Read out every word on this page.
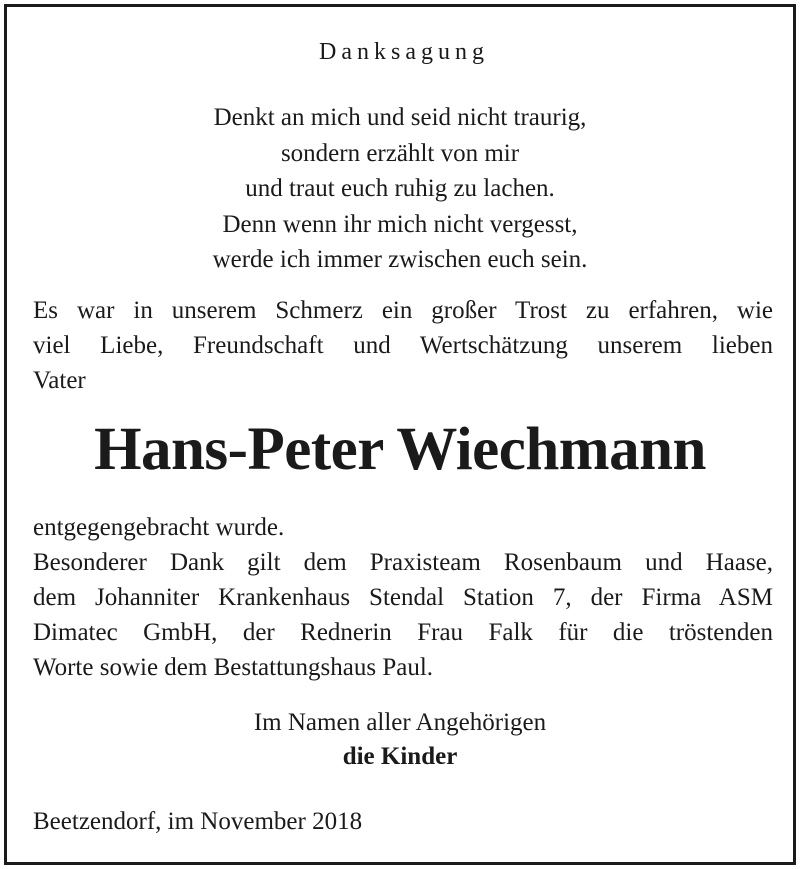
Danksagung
Denkt an mich und seid nicht traurig,
sondern erzählt von mir
und traut euch ruhig zu lachen.
Denn wenn ihr mich nicht vergesst,
werde ich immer zwischen euch sein.
Es war in unserem Schmerz ein großer Trost zu erfahren, wie
viel Liebe, Freundschaft und Wertschätzung unserem lieben
Vater
Hans-Peter Wiechmann
entgegengebracht wurde.
Besonderer Dank gilt dem Praxisteam Rosenbaum und Haase,
dem Johanniter Krankenhaus Stendal Station 7, der Firma ASM
Dimatec GmbH, der Rednerin Frau Falk für die tröstenden
Worte sowie dem Bestattungshaus Paul.
Im Namen aller Angehörigen
die Kinder
Beetzendorf, im November 2018
